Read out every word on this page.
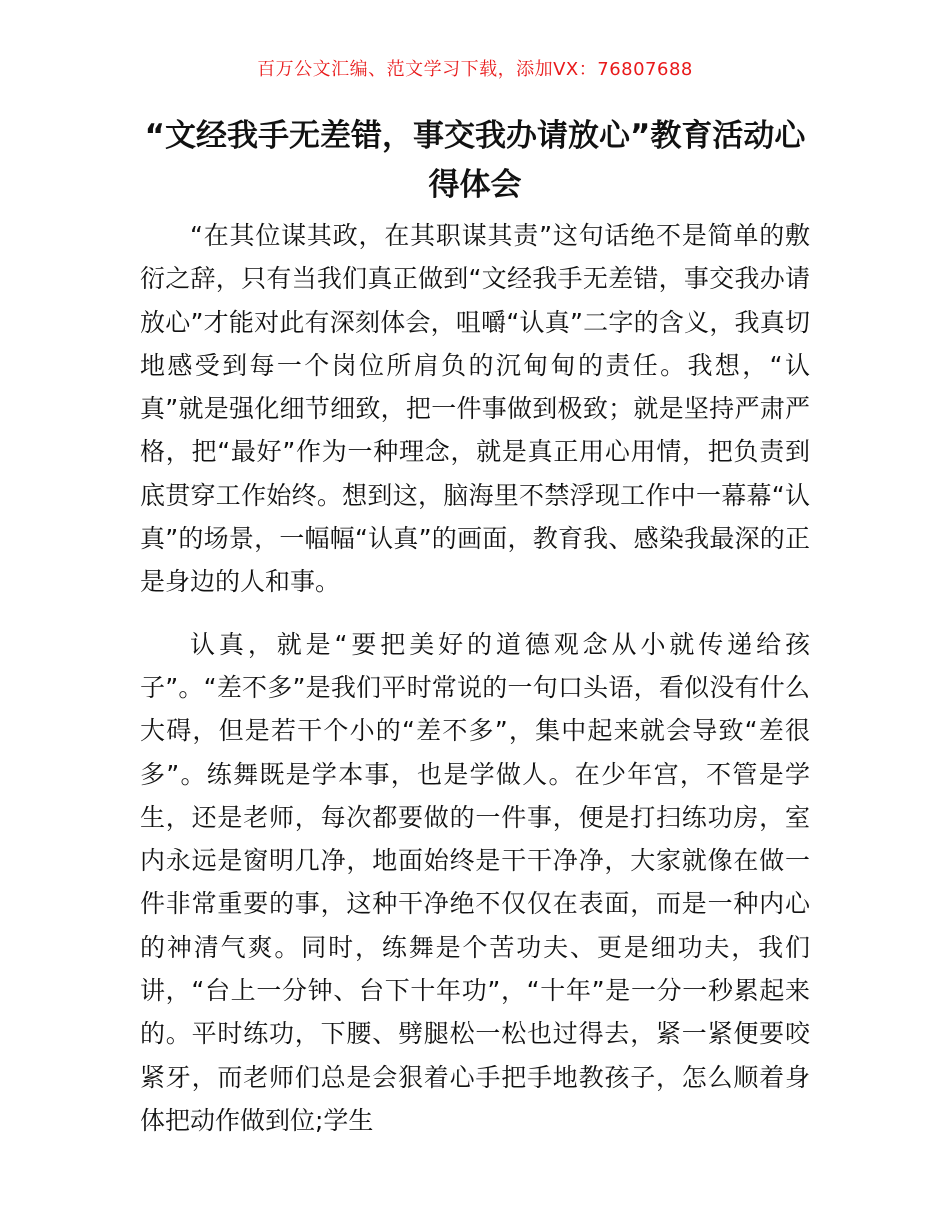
百万公文汇编、范文学习下载，添加VX：76807688
“文经我手无差错，事交我办请放心”教育活动心得体会

“在其位谋其政，在其职谋其责”这句话绝不是简单的敷衍之辞，只有当我们真正做到“文经我手无差错，事交我办请放心”才能对此有深刻体会，咀嚼“认真”二字的含义，我真切地感受到每一个岗位所肩负的沉甸甸的责任。我想，“认真”就是强化细节细致，把一件事做到极致；就是坚持严肃严格，把“最好”作为一种理念，就是真正用心用情，把负责到底贯穿工作始终。想到这，脑海里不禁浮现工作中一幕幕“认真”的场景，一幅幅“认真”的画面，教育我、感染我最深的正是身边的人和事。

认真，就是“要把美好的道德观念从小就传递给孩子”。“差不多”是我们平时常说的一句口头语，看似没有什么大碍，但是若干个小的“差不多”，集中起来就会导致“差很多”。练舞既是学本事，也是学做人。在少年宫，不管是学生，还是老师，每次都要做的一件事，便是打扫练功房，室内永远是窗明几净，地面始终是干干净净，大家就像在做一件非常重要的事，这种干净绝不仅仅在表面，而是一种内心的神清气爽。同时，练舞是个苦功夫、更是细功夫，我们讲，“台上一分钟、台下十年功”，“十年”是一分一秒累起来的。平时练功，下腰、劈腿松一松也过得去，紧一紧便要咬紧牙，而老师们总是会狠着心手把手地教孩子，怎么顺着身体把动作做到位;学生
